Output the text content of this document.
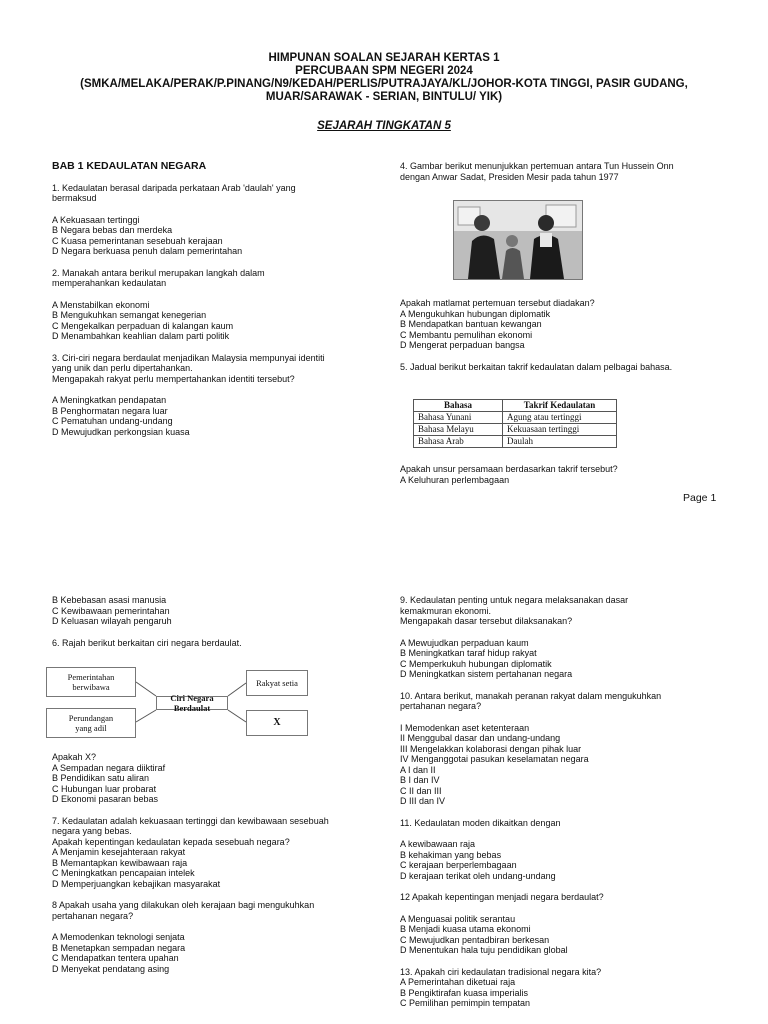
HIMPUNAN SOALAN SEJARAH KERTAS 1
PERCUBAAN SPM NEGERI 2024
(SMKA/MELAKA/PERAK/P.PINANG/N9/KEDAH/PERLIS/PUTRAJAYA/KL/JOHOR-KOTA TINGGI, PASIR GUDANG,
MUAR/SARAWAK - SERIAN, BINTULU/ YIK)
SEJARAH TINGKATAN 5
BAB 1 KEDAULATAN NEGARA
1. Kedaulatan berasal daripada perkataan Arab 'daulah' yang
bermaksud
A Kekuasaan tertinggi
B Negara bebas dan merdeka
C Kuasa pemerintanan sesebuah kerajaan
D Negara berkuasa penuh dalam pemerintahan
2. Manakah antara berikul merupakan langkah dalam
memperahankan kedaulatan
A Menstabilkan ekonomi
B Mengukuhkan semangat kenegerian
C Mengekalkan perpaduan di kalangan kaum
D Menambahkan keahlian dalam parti politik
3. Ciri-ciri negara berdaulat menjadikan Malaysia mempunyai identiti
yang unik dan perlu dipertahankan.
Mengapakah rakyat perlu mempertahankan identiti tersebut?
A Meningkatkan pendapatan
B Penghormatan negara luar
C Pematuhan undang-undang
D Mewujudkan perkongsian kuasa
4. Gambar berikut menunjukkan pertemuan antara Tun Hussein Onn
dengan Anwar Sadat, Presiden Mesir pada tahun 1977
Apakah matlamat pertemuan tersebut diadakan?
A Mengukuhkan hubungan diplomatik
B Mendapatkan bantuan kewangan
C Membantu pemulihan ekonomi
D Mengerat perpaduan bangsa
5. Jadual berikut berkaitan takrif kedaulatan dalam pelbagai bahasa.
Bahasa	Takrif Kedaulatan
Bahasa Yunani	Agung atau tertinggi
Bahasa Melayu	Kekuasaan tertinggi
Bahasa Arab	Daulah
Apakah unsur persamaan berdasarkan takrif tersebut?
A Keluhuran perlembagaan
Page 1
B Kebebasan asasi manusia
C Kewibawaan pemerintahan
D Keluasan wilayah pengaruh
6. Rajah berikut berkaitan ciri negara berdaulat.
Pemerintahan
berwibawa
Perundangan
yang adil
Ciri Negara Berdaulat
Rakyat setia
X
Apakah X?
A Sempadan negara diiktiraf
B Pendidikan satu aliran
C Hubungan luar probarat
D Ekonomi pasaran bebas
7. Kedaulatan adalah kekuasaan tertinggi dan kewibawaan sesebuah
negara yang bebas.
Apakah kepentingan kedaulatan kepada sesebuah negara?
A Menjamin kesejahteraan rakyat
B Memantapkan kewibawaan raja
C Meningkatkan pencapaian intelek
D Memperjuangkan kebajikan masyarakat
8 Apakah usaha yang dilakukan oleh kerajaan bagi mengukuhkan
pertahanan negara?
A Memodenkan teknologi senjata
B Menetapkan sempadan negara
C Mendapatkan tentera upahan
D Menyekat pendatang asing
9. Kedaulatan penting untuk negara melaksanakan dasar
kemakmuran ekonomi.
Mengapakah dasar tersebut dilaksanakan?
A Mewujudkan perpaduan kaum
B Meningkatkan taraf hidup rakyat
C Memperkukuh hubungan diplomatik
D Meningkatkan sistem pertahanan negara
10. Antara berikut, manakah peranan rakyat dalam mengukuhkan
pertahanan negara?
I Memodenkan aset ketenteraan
II Menggubal dasar dan undang-undang
III Mengelakkan kolaborasi dengan pihak luar
IV Menganggotai pasukan keselamatan negara
A I dan II
B I dan IV
C II dan III
D III dan IV
11. Kedaulatan moden dikaitkan dengan
A kewibawaan raja
B kehakiman yang bebas
C kerajaan berperlembagaan
D kerajaan terikat oleh undang-undang
12 Apakah kepentingan menjadi negara berdaulat?
A Menguasai politik serantau
B Menjadi kuasa utama ekonomi
C Mewujudkan pentadbiran berkesan
D Menentukan hala tuju pendidikan global
13. Apakah ciri kedaulatan tradisional negara kita?
A Pemerintahan diketuai raja
B Pengiktirafan kuasa imperialis
C Pemilihan pemimpin tempatan
